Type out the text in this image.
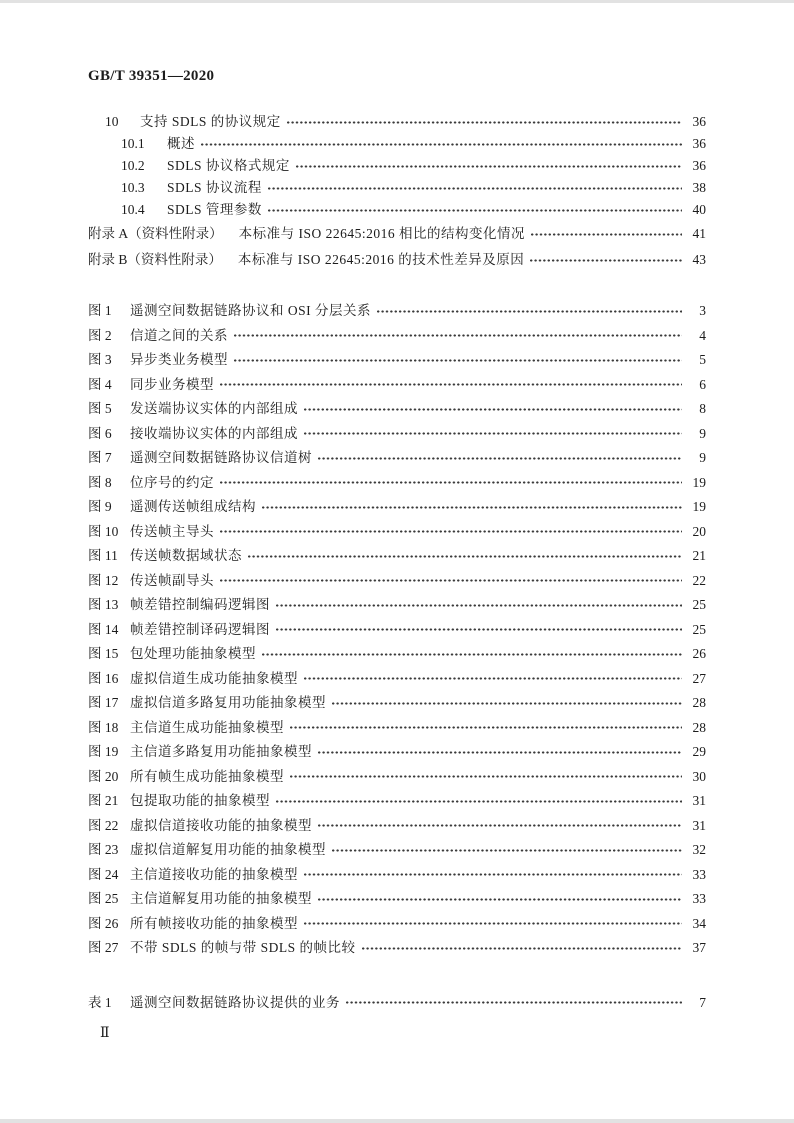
GB/T 39351—2020
10	支持 SDLS 的协议规定	36
10.1	概述	36
10.2	SDLS 协议格式规定	36
10.3	SDLS 协议流程	38
10.4	SDLS 管理参数	40
附录 A（资料性附录） 本标准与 ISO 22645:2016 相比的结构变化情况	41
附录 B（资料性附录） 本标准与 ISO 22645:2016 的技术性差异及原因	43
图 1	遥测空间数据链路协议和 OSI 分层关系	3
图 2	信道之间的关系	4
图 3	异步类业务模型	5
图 4	同步业务模型	6
图 5	发送端协议实体的内部组成	8
图 6	接收端协议实体的内部组成	9
图 7	遥测空间数据链路协议信道树	9
图 8	位序号的约定	19
图 9	遥测传送帧组成结构	19
图 10 传送帧主导头	20
图 11 传送帧数据域状态	21
图 12 传送帧副导头	22
图 13 帧差错控制编码逻辑图	25
图 14 帧差错控制译码逻辑图	25
图 15 包处理功能抽象模型	26
图 16 虚拟信道生成功能抽象模型	27
图 17 虚拟信道多路复用功能抽象模型	28
图 18 主信道生成功能抽象模型	28
图 19 主信道多路复用功能抽象模型	29
图 20 所有帧生成功能抽象模型	30
图 21 包提取功能的抽象模型	31
图 22 虚拟信道接收功能的抽象模型	31
图 23 虚拟信道解复用功能的抽象模型	32
图 24 主信道接收功能的抽象模型	33
图 25 主信道解复用功能的抽象模型	33
图 26 所有帧接收功能的抽象模型	34
图 27 不带 SDLS 的帧与带 SDLS 的帧比较	37
表 1	遥测空间数据链路协议提供的业务	7
Ⅱ
